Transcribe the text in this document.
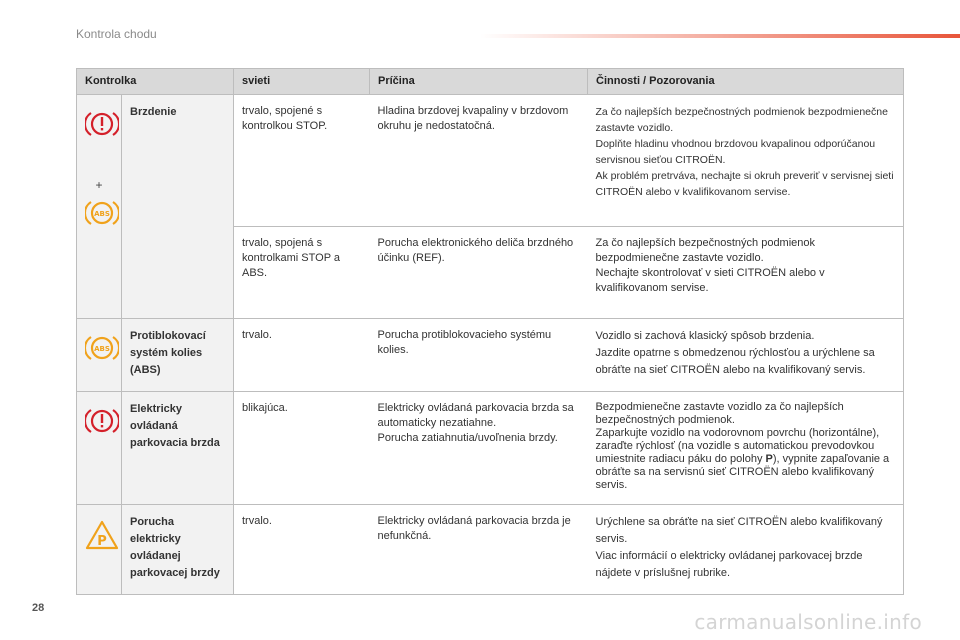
Kontrola chodu
Kontrolka		svieti	Príčina	Činnosti / Pozorovania

+
ABS	Brzdenie	trvalo, spojené s kontrolkou STOP.	Hladina brzdovej kvapaliny v brzdovom okruhu je nedostatočná.	Za čo najlepších bezpečnostných podmienok bezpodmienečne zastavte vozidlo.
Doplňte hladinu vhodnou brzdovou kvapalinou odporúčanou servisnou sieťou CITROËN.
Ak problém pretrváva, nechajte si okruh preveriť v servisnej sieti CITROËN alebo v kvalifikovanom servise.

		trvalo, spojená s kontrolkami STOP a ABS.	Porucha elektronického deliča brzdného účinku (REF).	Za čo najlepších bezpečnostných podmienok bezpodmienečne zastavte vozidlo.
Nechajte skontrolovať v sieti CITROËN alebo v kvalifikovanom servise.

ABS	Protiblokovací systém kolies (ABS)	trvalo.	Porucha protiblokovacieho systému kolies.	Vozidlo si zachová klasický spôsob brzdenia.
Jazdite opatrne s obmedzenou rýchlosťou a urýchlene sa obráťte na sieť CITROËN alebo na kvalifikovaný servis.

	Elektricky ovládaná parkovacia brzda	blikajúca.	Elektricky ovládaná parkovacia brzda sa automaticky nezatiahne.
Porucha zatiahnutia/uvoľnenia brzdy.	Bezpodmienečne zastavte vozidlo za čo najlepších bezpečnostných podmienok.
Zaparkujte vozidlo na vodorovnom povrchu (horizontálne), zaraďte rýchlosť (na vozidle s automatickou prevodovkou umiestnite radiacu páku do polohy P), vypnite zapaľovanie a obráťte sa na servisnú sieť CITROËN alebo kvalifikovaný servis.

P	Porucha elektricky ovládanej parkovacej brzdy	trvalo.	Elektricky ovládaná parkovacia brzda je nefunkčná.	Urýchlene sa obráťte na sieť CITROËN alebo kvalifikovaný servis.
Viac informácií o elektricky ovládanej parkovacej brzde nájdete v príslušnej rubrike.
28
carmanualsonline.info
